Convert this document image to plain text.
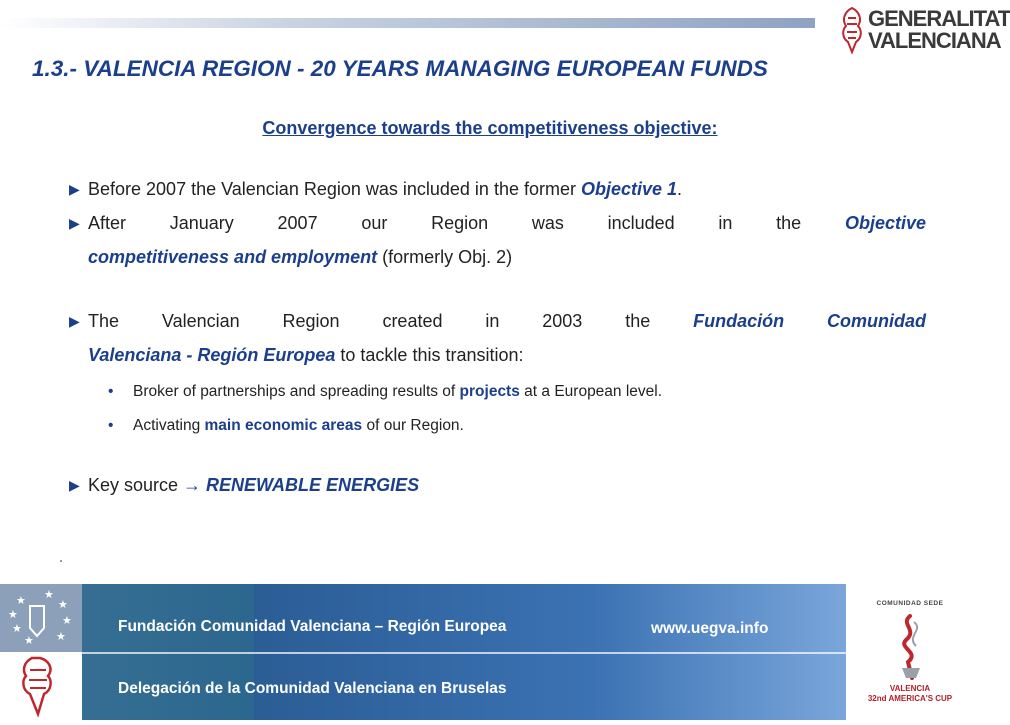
GENERALITAT
VALENCIANA
1.3.- VALENCIA REGION - 20 YEARS MANAGING EUROPEAN FUNDS
Convergence towards the competitiveness objective:
▶ Before 2007 the Valencian Region was included in the former Objective 1.
▶ After January 2007 our Region was included in the Objective
competitiveness and employment (formerly Obj. 2)
▶ The Valencian Region created in 2003 the Fundación Comunidad
Valenciana - Región Europea to tackle this transition:
• Broker of partnerships and spreading results of projects at a European level.
• Activating main economic areas of our Region.
▶ Key source → RENEWABLE ENERGIES
★
★
★
★
★
★
★
★
Fundación Comunidad Valenciana – Región Europea
Delegación de la Comunidad Valenciana en Bruselas
www.uegva.info
COMUNIDAD SEDE
VALENCIA
32nd AMERICA'S CUP
